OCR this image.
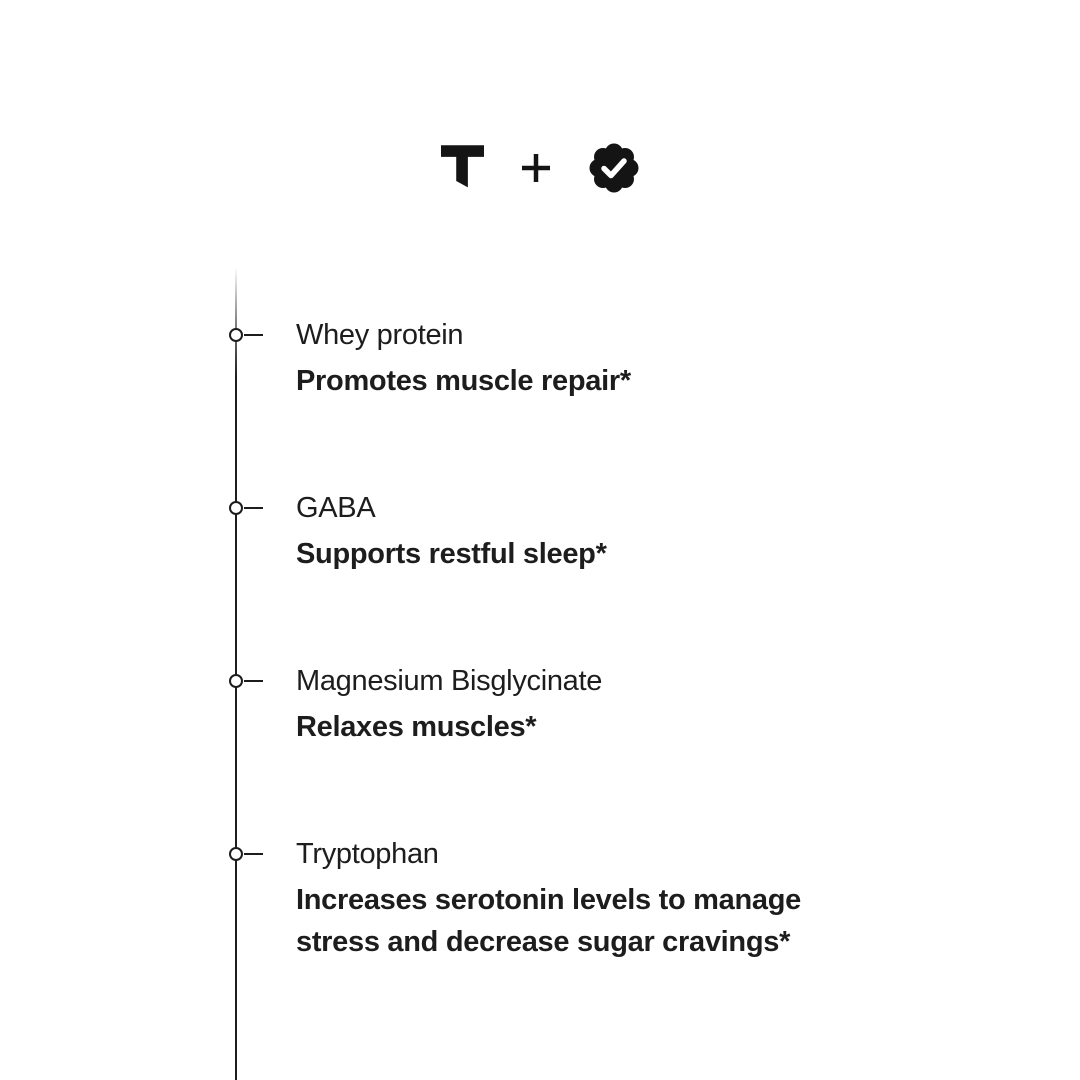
Whey protein

Promotes muscle repair*

GABA

Supports restful sleep*

Magnesium Bisglycinate

Relaxes muscles*

Tryptophan

Increases serotonin levels to manage stress and decrease sugar cravings*
